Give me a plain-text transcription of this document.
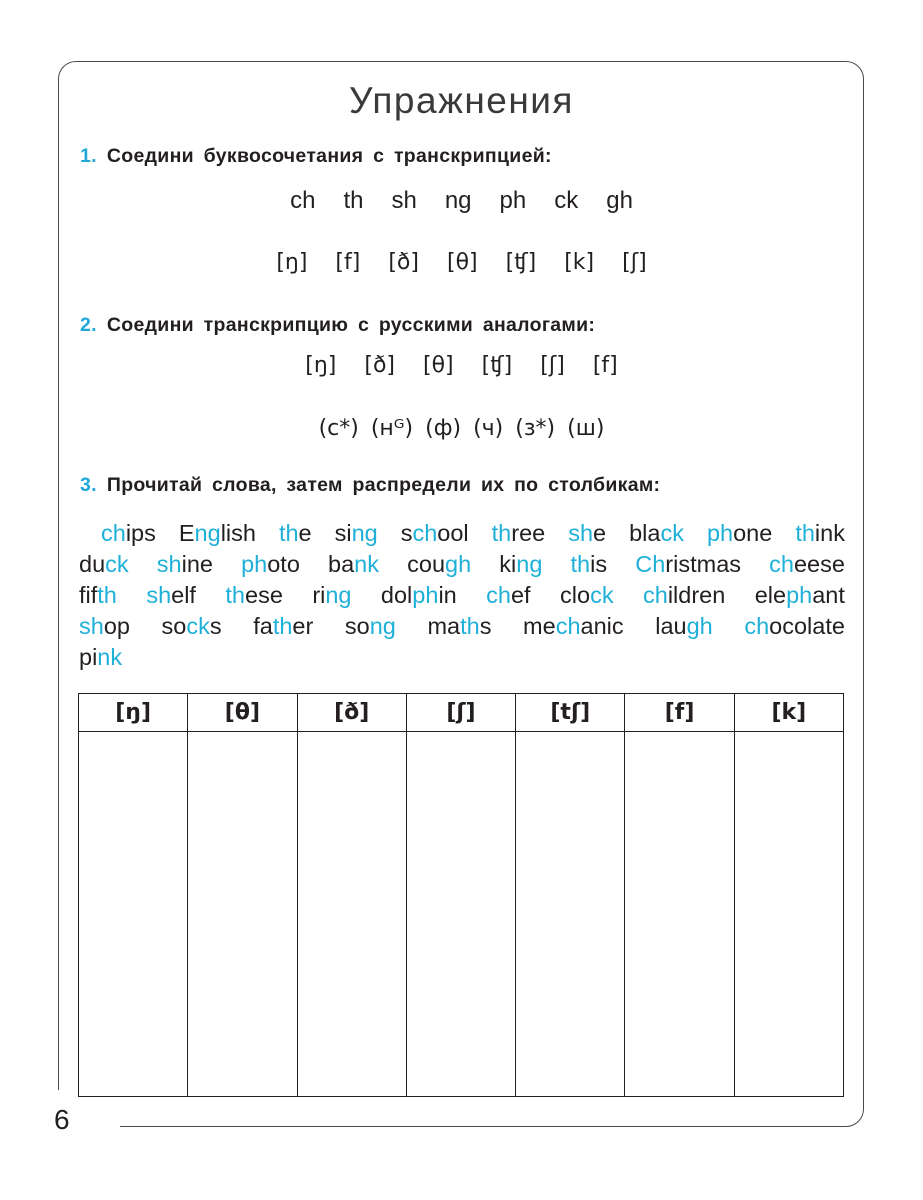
Упражнения
1. Соедини буквосочетания с транскрипцией:
ch th sh ng ph ck gh
[ŋ] [f] [ð] [θ] [ʧ] [k] [ʃ]
2. Соедини транскрипцию с русскими аналогами:
[ŋ] [ð] [θ] [ʧ] [ʃ] [f]
(с*) (нᴳ) (ф) (ч) (з*) (ш)
3. Прочитай слова, затем распредели их по столбикам:
chips English the sing school three she black phone think
duck shine photo bank cough king this Christmas cheese
fifth shelf these ring dolphin chef clock children elephant
shop socks father song maths mechanic laugh chocolate
pink
[ŋ]	[θ]	[ð]	[ʃ]	[tʃ]	[f]	[k]

6
